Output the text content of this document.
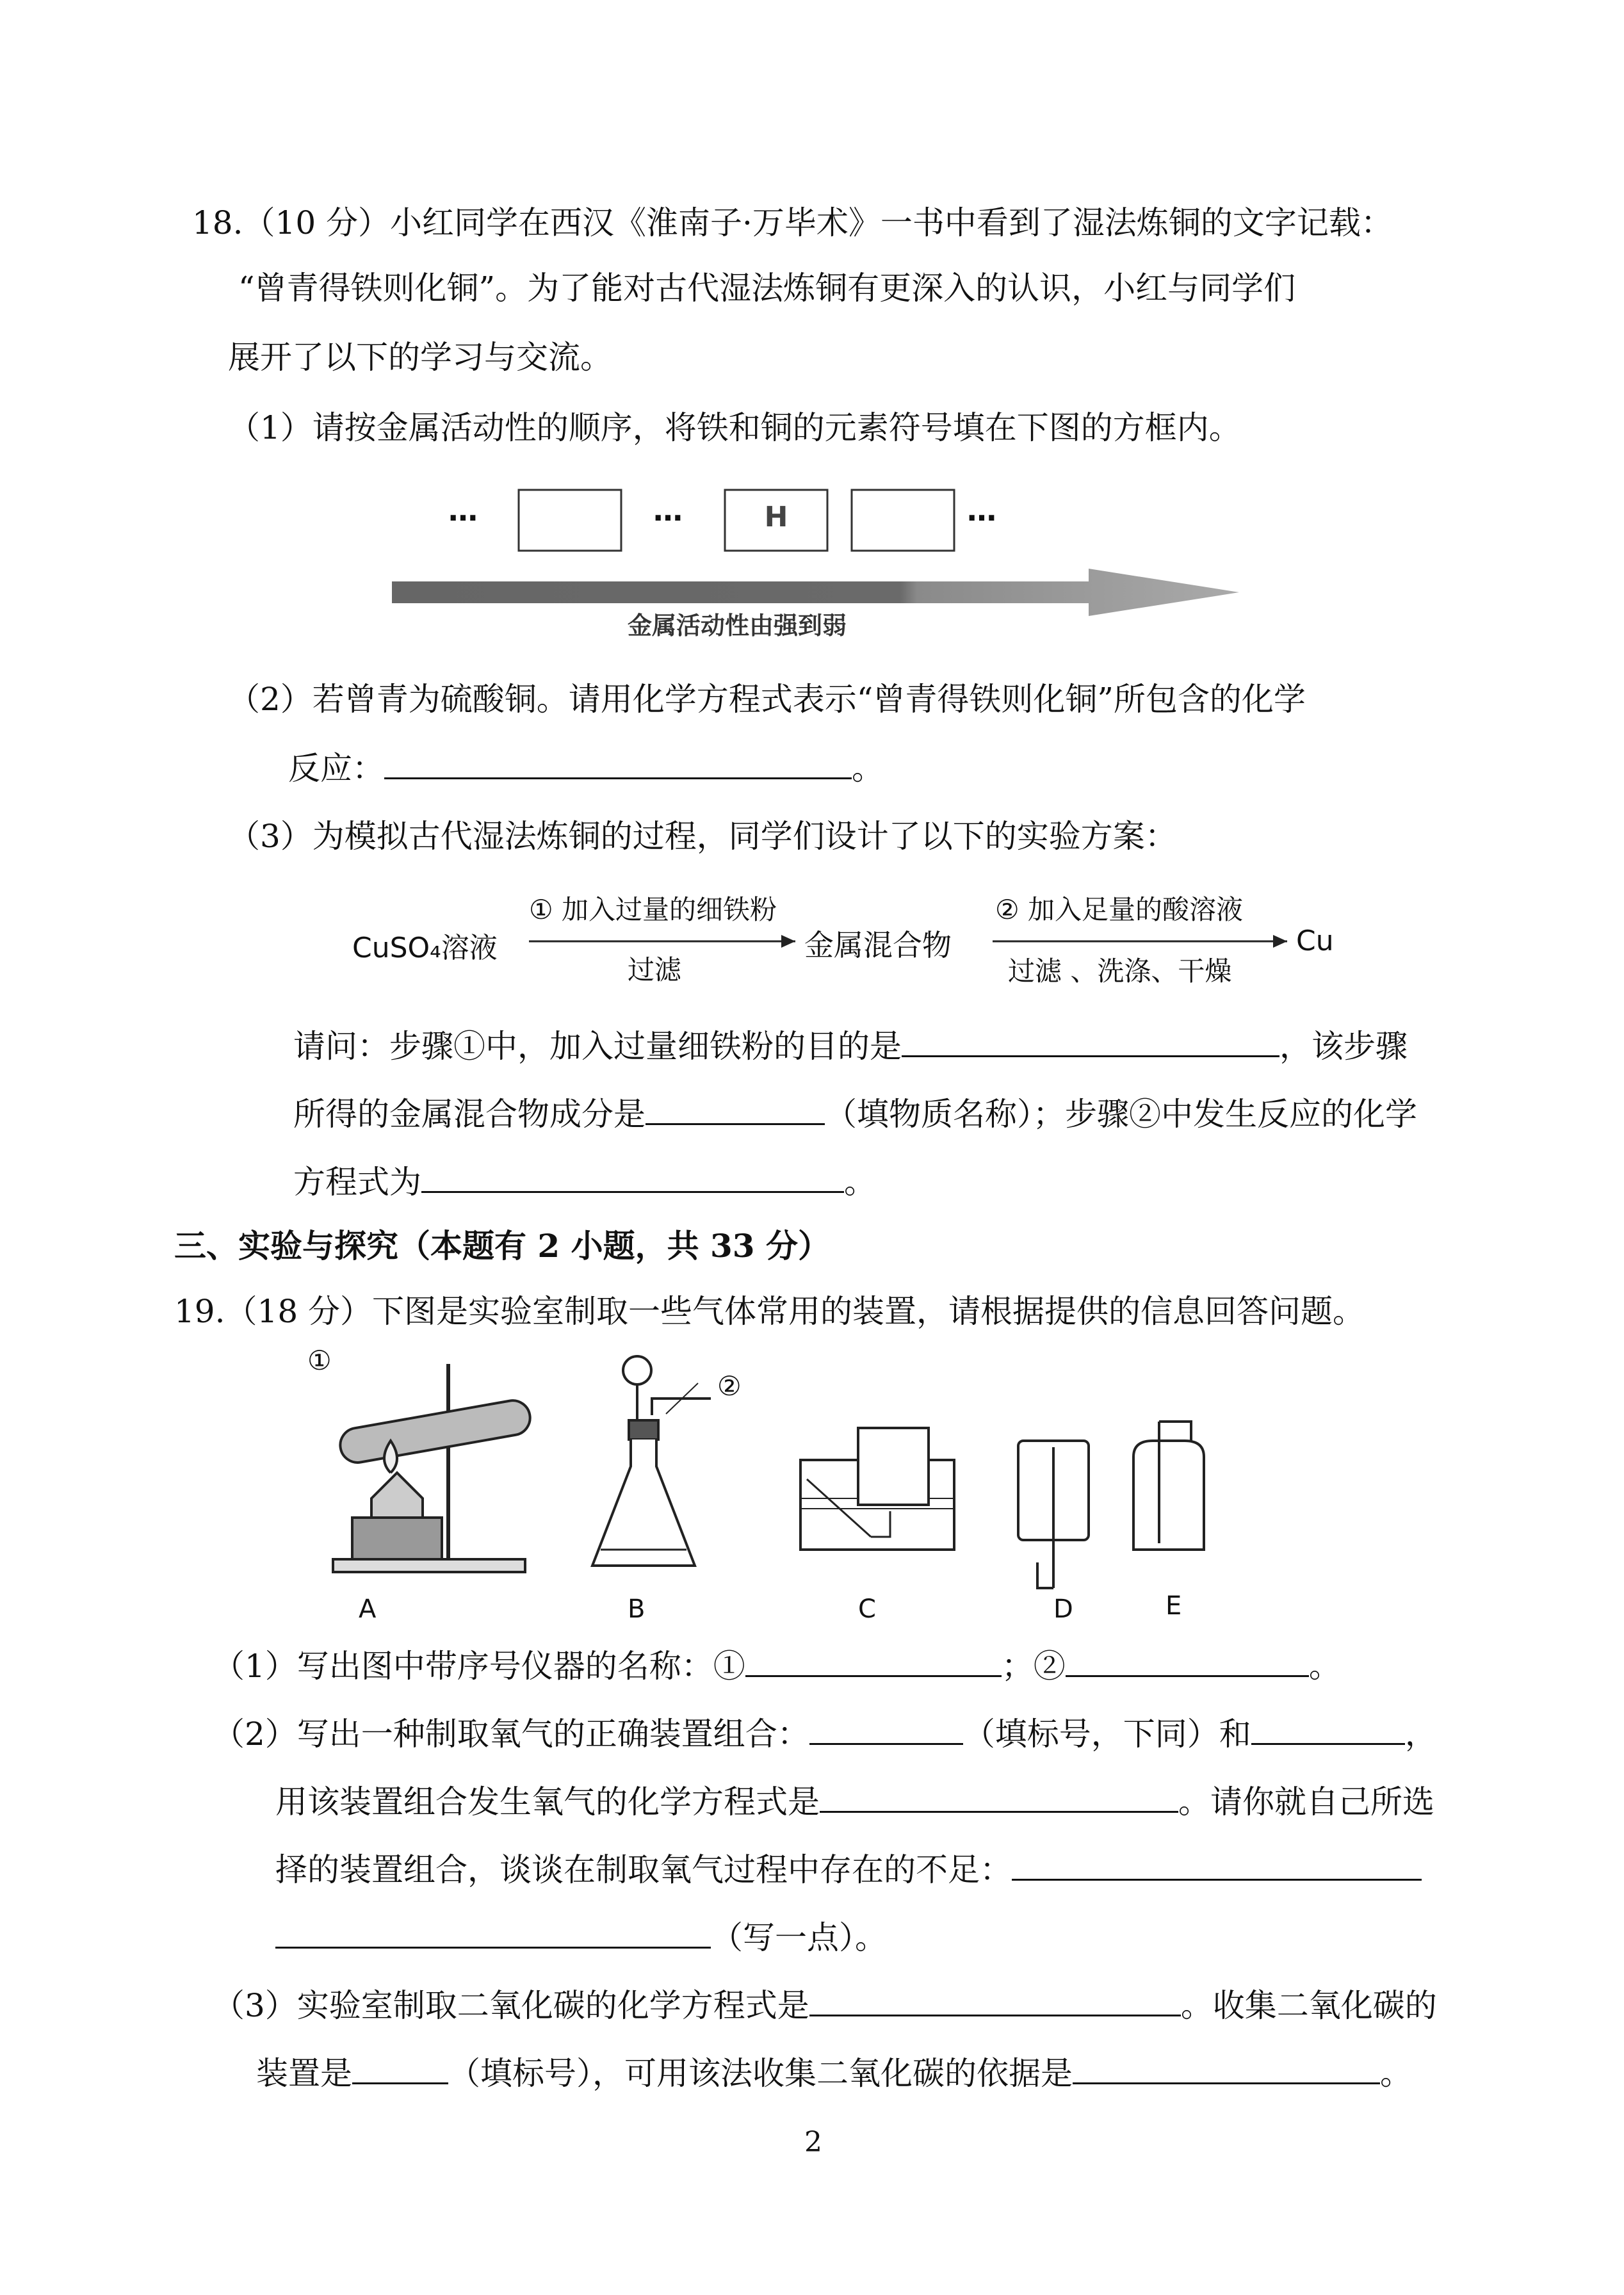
18.（10 分）小红同学在西汉《淮南子·万毕术》一书中看到了湿法炼铜的文字记载：
“曾青得铁则化铜”。为了能对古代湿法炼铜有更深入的认识，小红与同学们
展开了以下的学习与交流。
（1）请按金属活动性的顺序，将铁和铜的元素符号填在下图的方框内。
…	…	…
H
金属活动性由强到弱
（2）若曾青为硫酸铜。请用化学方程式表示“曾青得铁则化铜”所包含的化学
反应：	。
（3）为模拟古代湿法炼铜的过程，同学们设计了以下的实验方案：
CuSO₄溶液
① 加入过量的细铁粉
过滤
金属混合物
② 加入足量的酸溶液
过滤 、洗涤、干燥
Cu
请问：步骤①中，加入过量细铁粉的目的是	，该步骤
所得的金属混合物成分是	（填物质名称）；步骤②中发生反应的化学
方程式为	。
三、实验与探究（本题有 2 小题，共 33 分）
19.（18 分）下图是实验室制取一些气体常用的装置，请根据提供的信息回答问题。
①
②
A	B	C	D	E
（1）写出图中带序号仪器的名称：①	；②	。
（2）写出一种制取氧气的正确装置组合：	（填标号，下同）和	，
用该装置组合发生氧气的化学方程式是	。请你就自己所选
择的装置组合，谈谈在制取氧气过程中存在的不足：
（写一点）。
（3）实验室制取二氧化碳的化学方程式是	。收集二氧化碳的
装置是	（填标号），可用该法收集二氧化碳的依据是	。
2
